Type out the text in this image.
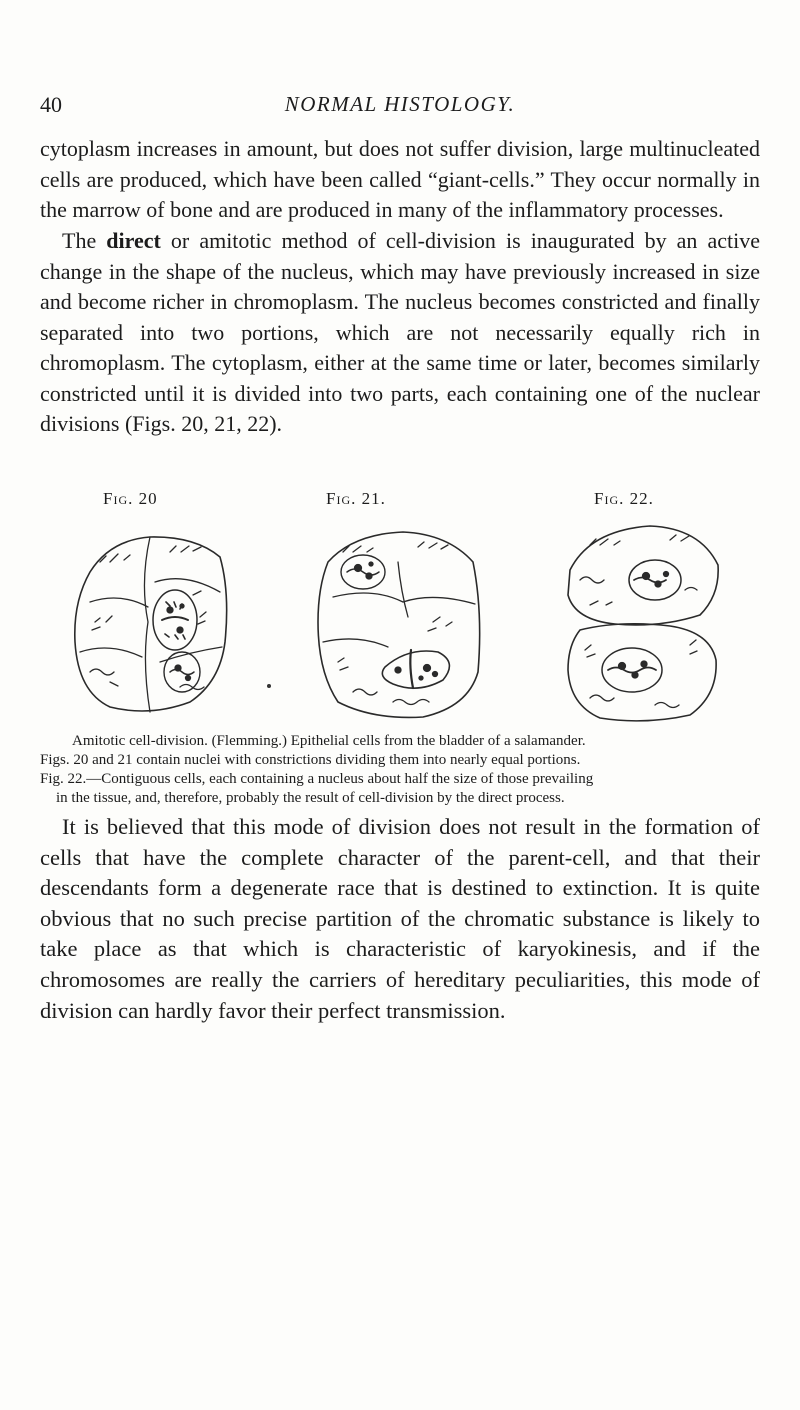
40	NORMAL HISTOLOGY.

cytoplasm increases in amount, but does not suffer division, large multinucleated cells are produced, which have been called “giant-cells.” They occur normally in the marrow of bone and are produced in many of the inflammatory processes.

The direct or amitotic method of cell-division is inaugurated by an active change in the shape of the nucleus, which may have previously increased in size and become richer in chromoplasm. The nucleus becomes constricted and finally separated into two portions, which are not necessarily equally rich in chromoplasm. The cytoplasm, either at the same time or later, becomes similarly constricted until it is divided into two parts, each containing one of the nuclear divisions (Figs. 20, 21, 22).

Fig. 20	Fig. 21.	Fig. 22.

Amitotic cell-division. (Flemming.) Epithelial cells from the bladder of a salamander.

Figs. 20 and 21 contain nuclei with constrictions dividing them into nearly equal portions.

Fig. 22.—Contiguous cells, each containing a nucleus about half the size of those prevailing

in the tissue, and, therefore, probably the result of cell-division by the direct process.

It is believed that this mode of division does not result in the formation of cells that have the complete character of the parent-cell, and that their descendants form a degenerate race that is destined to extinction. It is quite obvious that no such precise partition of the chromatic substance is likely to take place as that which is characteristic of karyokinesis, and if the chromosomes are really the carriers of hereditary peculiarities, this mode of division can hardly favor their perfect transmission.
